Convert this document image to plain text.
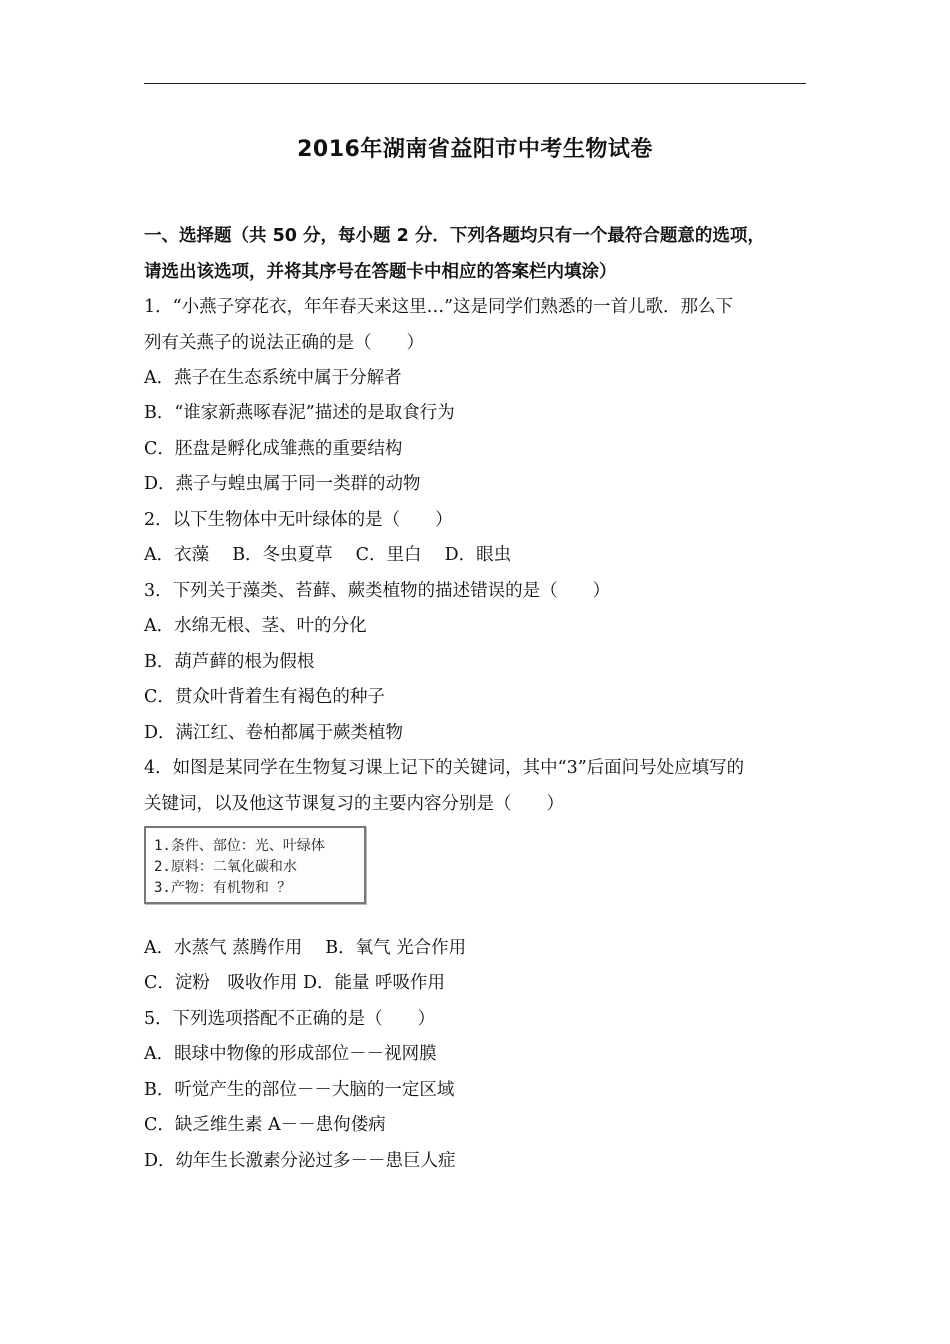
2016年湖南省益阳市中考生物试卷
一、选择题（共 50 分，每小题 2 分．下列各题均只有一个最符合题意的选项，
请选出该选项，并将其序号在答题卡中相应的答案栏内填涂）
1．“小燕子穿花衣，年年春天来这里…”这是同学们熟悉的一首儿歌．那么下
列有关燕子的说法正确的是（　　）
A．燕子在生态系统中属于分解者
B．“谁家新燕啄春泥”描述的是取食行为
C．胚盘是孵化成雏燕的重要结构
D．燕子与蝗虫属于同一类群的动物
2．以下生物体中无叶绿体的是（　　）
A．衣藻　 B．冬虫夏草　 C．里白　 D．眼虫
3．下列关于藻类、苔藓、蕨类植物的描述错误的是（　　）
A．水绵无根、茎、叶的分化
B．葫芦藓的根为假根
C．贯众叶背着生有褐色的种子
D．满江红、卷柏都属于蕨类植物
4．如图是某同学在生物复习课上记下的关键词，其中“3”后面问号处应填写的
关键词，以及他这节课复习的主要内容分别是（　　）
1.条件、部位：光、叶绿体
2.原料：二氧化碳和水
3.产物：有机物和 ？
A．水蒸气 蒸腾作用　 B．氧气 光合作用
C．淀粉　吸收作用 D．能量 呼吸作用
5．下列选项搭配不正确的是（　　）
A．眼球中物像的形成部位－－视网膜
B．听觉产生的部位－－大脑的一定区域
C．缺乏维生素 A－－患佝偻病
D．幼年生长激素分泌过多－－患巨人症
